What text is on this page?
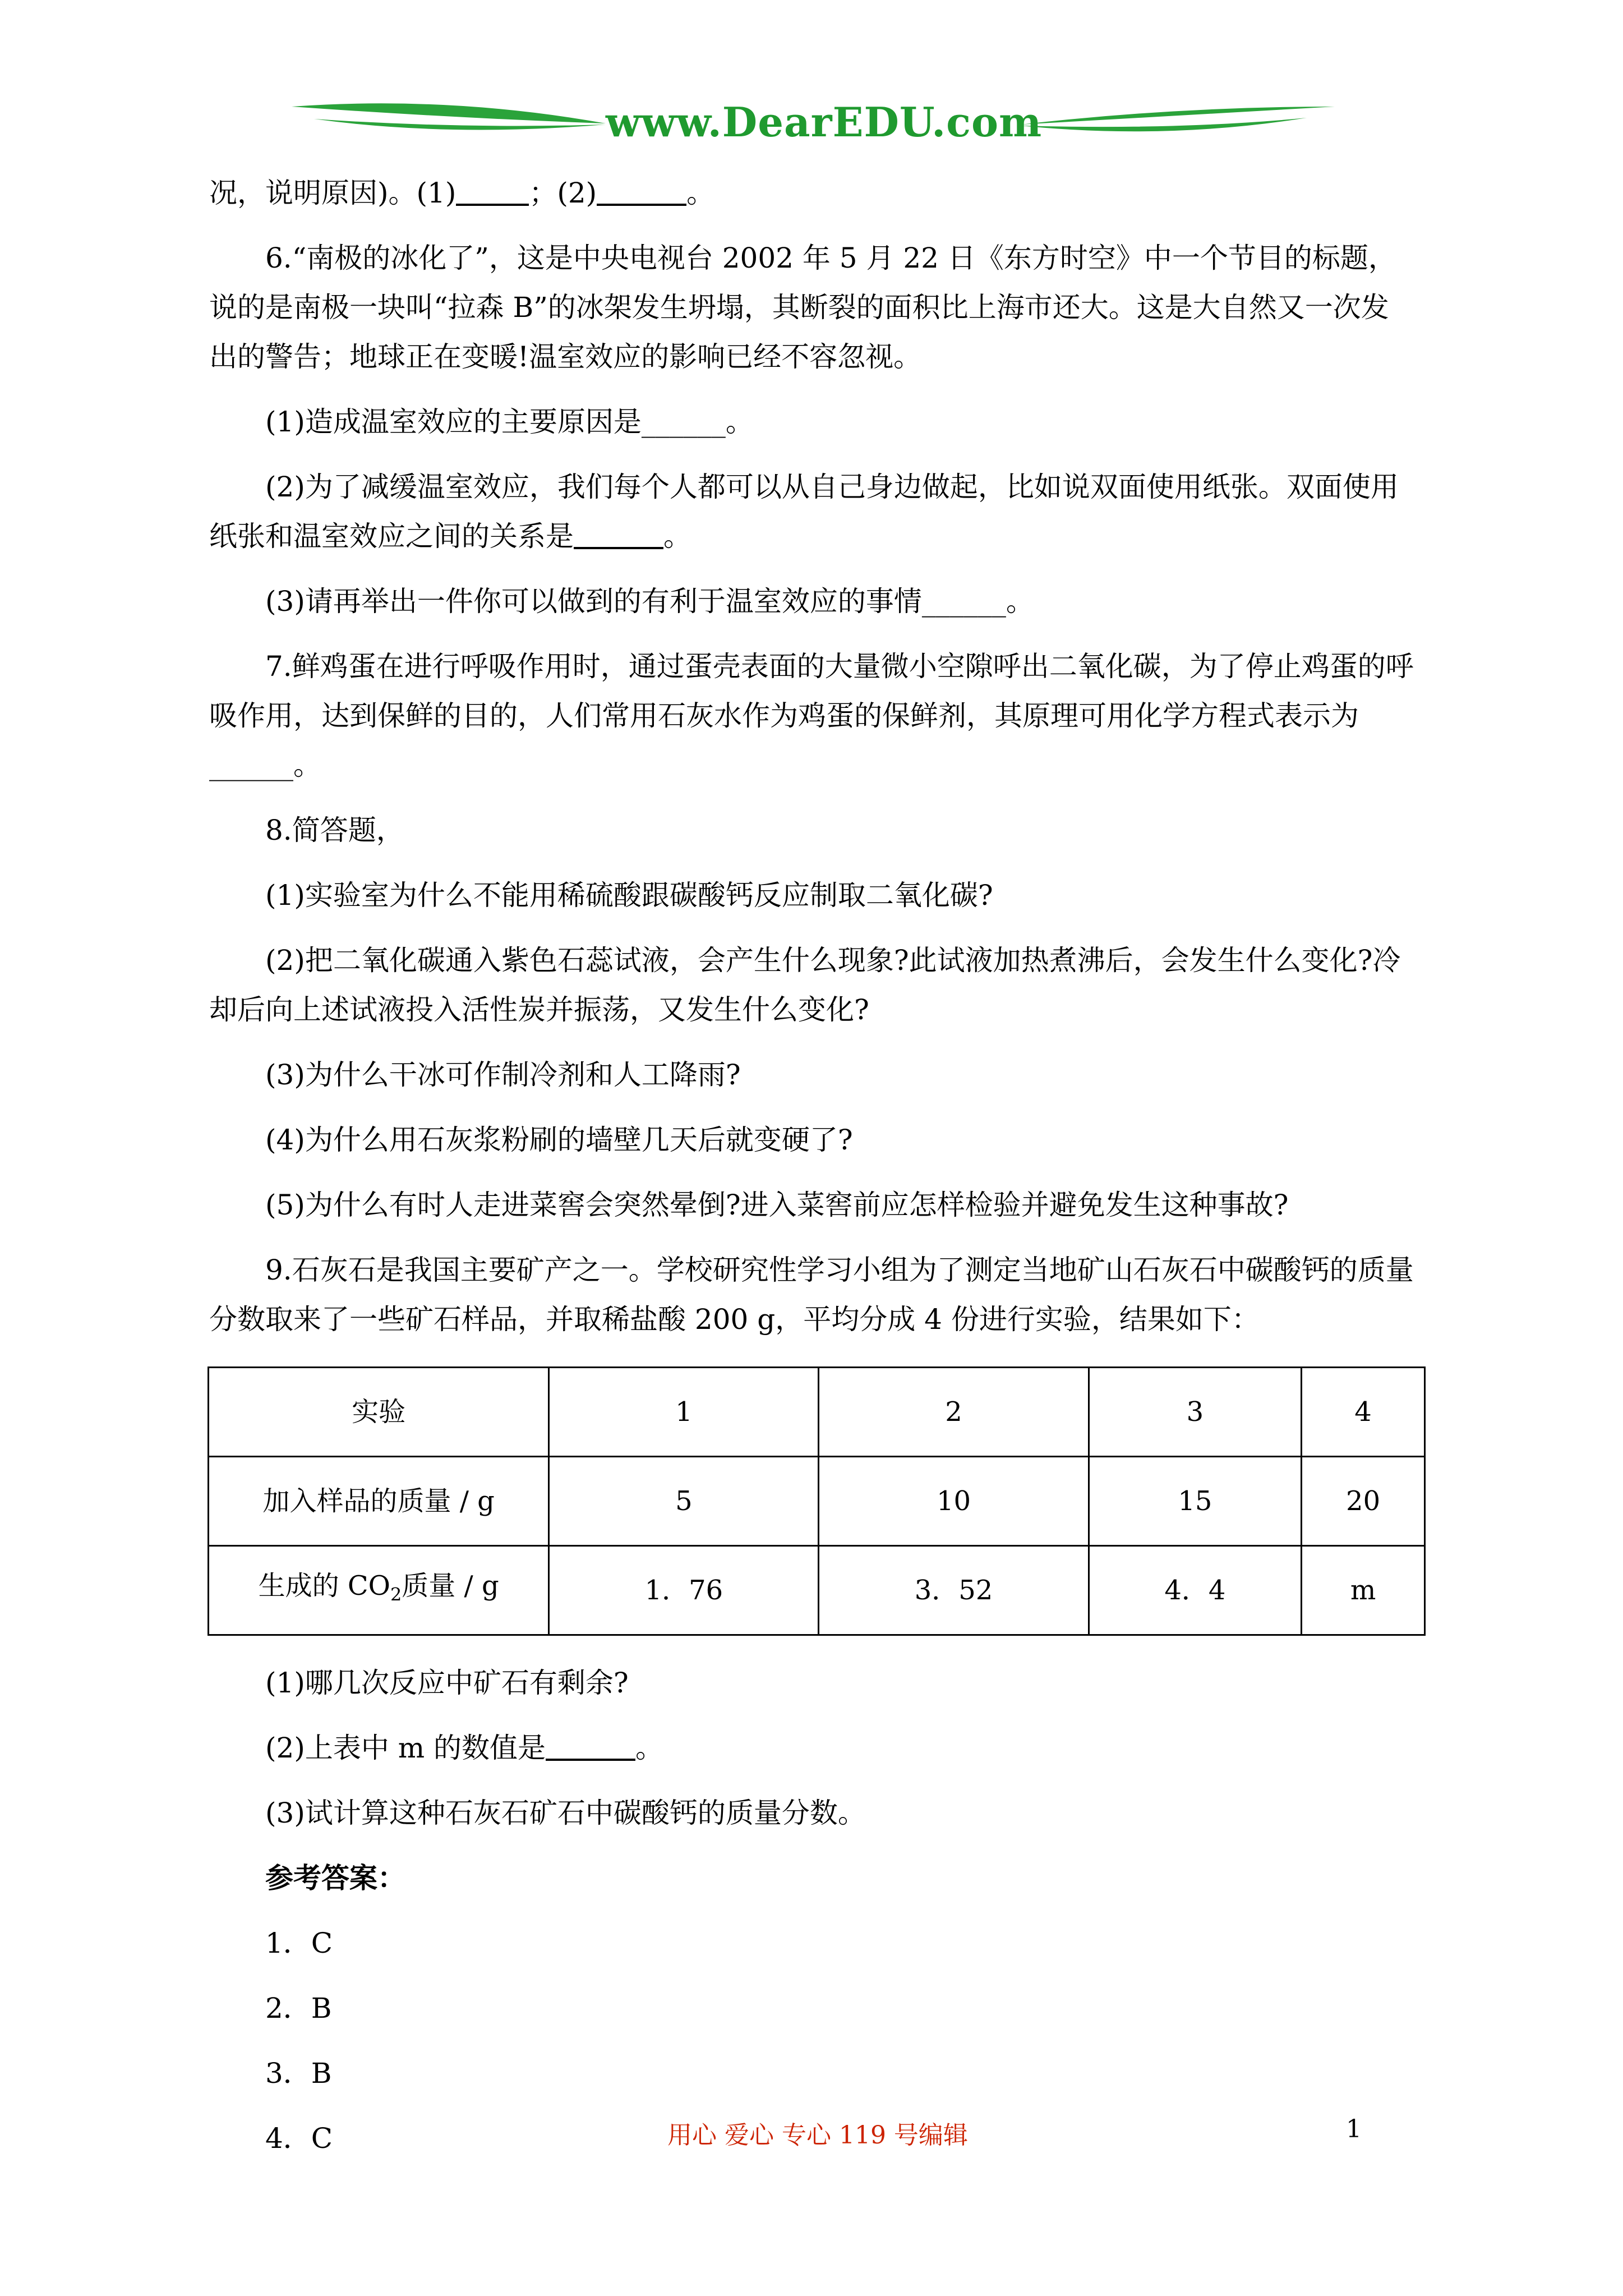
www.DearEDU.com

况，说明原因)。(1)	；(2)	。

6.“南极的冰化了”，这是中央电视台 2002 年 5 月 22 日《东方时空》中一个节目的标题，说的是南极一块叫“拉森 B”的冰架发生坍塌，其断裂的面积比上海市还大。这是大自然又一次发出的警告；地球正在变暖!温室效应的影响已经不容忽视。

(1)造成温室效应的主要原因是______。

(2)为了减缓温室效应，我们每个人都可以从自己身边做起，比如说双面使用纸张。双面使用纸张和温室效应之间的关系是	。

(3)请再举出一件你可以做到的有利于温室效应的事情______。

7.鲜鸡蛋在进行呼吸作用时，通过蛋壳表面的大量微小空隙呼出二氧化碳，为了停止鸡蛋的呼吸作用，达到保鲜的目的，人们常用石灰水作为鸡蛋的保鲜剂，其原理可用化学方程式表示为______。

8.简答题，

(1)实验室为什么不能用稀硫酸跟碳酸钙反应制取二氧化碳?

(2)把二氧化碳通入紫色石蕊试液，会产生什么现象?此试液加热煮沸后，会发生什么变化?冷却后向上述试液投入活性炭并振荡，又发生什么变化?

(3)为什么干冰可作制冷剂和人工降雨?

(4)为什么用石灰浆粉刷的墙壁几天后就变硬了?

(5)为什么有时人走进菜窖会突然晕倒?进入菜窖前应怎样检验并避免发生这种事故?

9.石灰石是我国主要矿产之一。学校研究性学习小组为了测定当地矿山石灰石中碳酸钙的质量分数取来了一些矿石样品，并取稀盐酸 200 g，平均分成 4 份进行实验，结果如下：

实验	1	2	3	4
加入样品的质量 / g	5	10	15	20
生成的 $CO_2$质量 / g	1．76	3．52	4．4	m

(1)哪几次反应中矿石有剩余?

(2)上表中 m 的数值是	。

(3)试计算这种石灰石矿石中碳酸钙的质量分数。

参考答案：

1．C

2．B

3．B

4．C	用心 爱心 专心 119 号编辑	1
